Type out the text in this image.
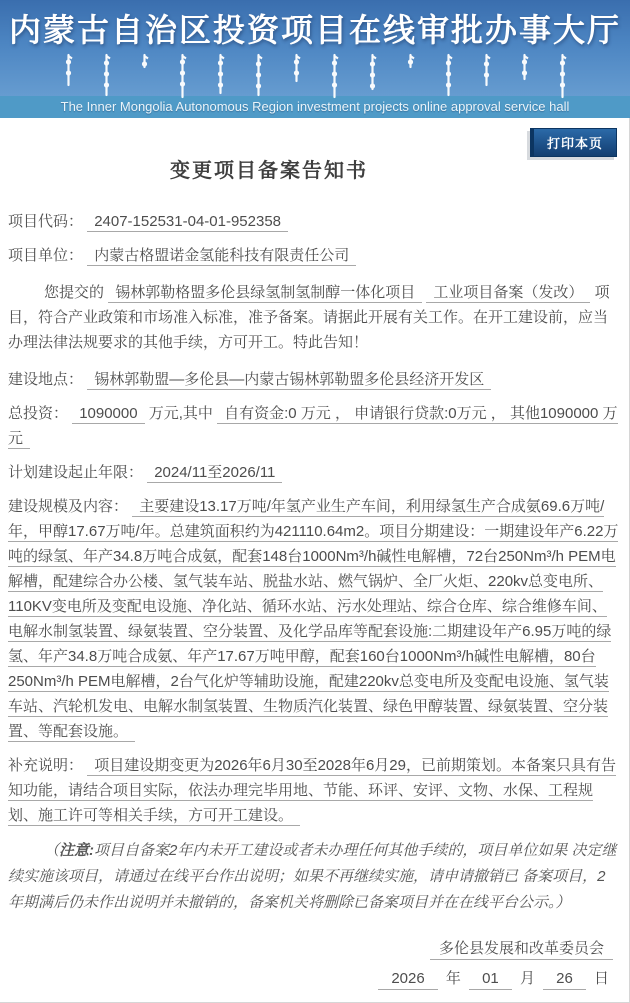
内蒙古自治区投资项目在线审批办事大厅
The Inner Mongolia Autonomous Region investment projects online approval service hall
打印本页
变更项目备案告知书

项目代码： 2407-152531-04-01-952358

项目单位： 内蒙古格盟诺金氢能科技有限责任公司

您提交的 锡林郭勒格盟多伦县绿氢制氢制醇一体化项目 工业项目备案（发改） 项目，符合产业政策和市场准入标准，准予备案。请据此开展有关工作。在开工建设前，应当办理法律法规要求的其他手续，方可开工。特此告知！

建设地点： 锡林郭勒盟—多伦县—内蒙古锡林郭勒盟多伦县经济开发区

总投资： 1090000 万元,其中 自有资金:0 万元 ， 申请银行贷款:0万元 ， 其他1090000 万元

计划建设起止年限： 2024/11至2026/11

建设规模及内容： 主要建设13.17万吨/年氢产业生产车间，利用绿氢生产合成氨69.6万吨/年，甲醇17.67万吨/年。总建筑面积约为421110.64m2。项目分期建设：一期建设年产6.22万吨的绿氢、年产34.8万吨合成氨，配套148台1000Nm³/h碱性电解槽，72台250Nm³/h PEM电解槽，配建综合办公楼、氢气装车站、脱盐水站、燃气锅炉、全厂火炬、220kv总变电所、110KV变电所及变配电设施、净化站、循环水站、污水处理站、综合仓库、综合维修车间、电解水制氢装置、绿氨装置、空分装置、及化学品库等配套设施:二期建设年产6.95万吨的绿氢、年产34.8万吨合成氨、年产17.67万吨甲醇，配套160台1000Nm³/h碱性电解槽，80台250Nm³/h PEM电解槽，2台气化炉等辅助设施，配建220kv总变电所及变配电设施、氢气装车站、汽轮机发电、电解水制氢装置、生物质汽化装置、绿色甲醇装置、绿氨装置、空分装置、等配套设施。

补充说明： 项目建设期变更为2026年6月30至2028年6月29，已前期策划。本备案只具有告知功能，请结合项目实际，依法办理完毕用地、节能、环评、安评、文物、水保、工程规划、施工许可等相关手续，方可开工建设。

（注意:项目自备案2年内未开工建设或者未办理任何其他手续的，项目单位如果 决定继续实施该项目，请通过在线平台作出说明；如果不再继续实施，请申请撤销已 备案项目，2年期满后仍未作出说明并未撤销的，备案机关将删除已备案项目并在在线平台公示。）

多伦县发展和改革委员会
2026 年 01 月 26 日
